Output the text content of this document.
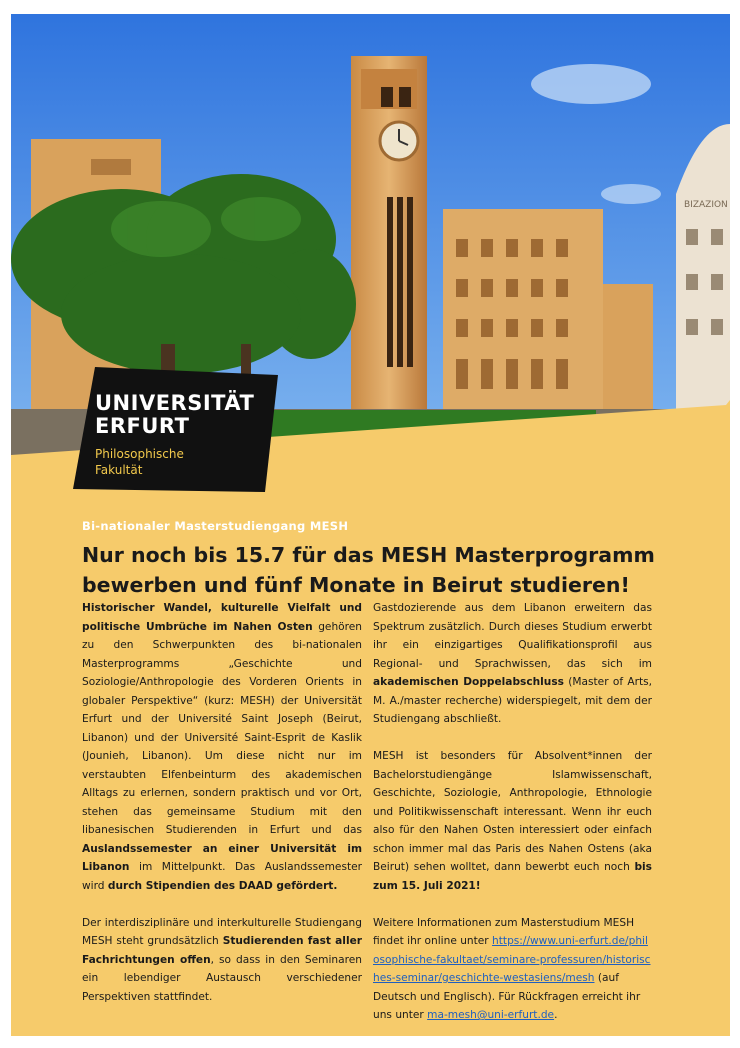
BIZAZION
UNIVERSITÄT
ERFURT
Philosophische
Fakultät
Bi-nationaler Masterstudiengang MESH
Nur noch bis 15.7 für das MESH Masterprogramm
bewerben und fünf Monate in Beirut studieren!

Historischer Wandel, kulturelle Vielfalt und politische Umbrüche im Nahen Osten gehören zu den Schwerpunkten des bi-nationalen Masterprogramms „Geschichte und Soziologie/Anthropologie des Vorderen Orients in globaler Perspektive“ (kurz: MESH) der Universität Erfurt und der Université Saint Joseph (Beirut, Libanon) und der Université Saint-Esprit de Kaslik (Jounieh, Libanon). Um diese nicht nur im verstaubten Elfenbeinturm des akademischen Alltags zu erlernen, sondern praktisch und vor Ort, stehen das gemeinsame Studium mit den libanesischen Studierenden in Erfurt und das Auslandssemester an einer Universität im Libanon im Mittelpunkt. Das Auslandssemester wird durch Stipendien des DAAD gefördert.

Der interdisziplinäre und interkulturelle Studiengang MESH steht grundsätzlich Studierenden fast aller Fachrichtungen offen, so dass in den Seminaren ein lebendiger Austausch verschiedener Perspektiven stattfindet.

Gastdozierende aus dem Libanon erweitern das Spektrum zusätzlich. Durch dieses Studium erwerbt ihr ein einzigartiges Qualifikationsprofil aus Regional- und Sprachwissen, das sich im akademischen Doppelabschluss (Master of Arts, M. A./master recherche) widerspiegelt, mit dem der Studiengang abschließt.

MESH ist besonders für Absolvent*innen der Bachelorstudiengänge Islamwissenschaft, Geschichte, Soziologie, Anthropologie, Ethnologie und Politikwissenschaft interessant. Wenn ihr euch also für den Nahen Osten interessiert oder einfach schon immer mal das Paris des Nahen Ostens (aka Beirut) sehen wolltet, dann bewerbt euch noch bis zum 15. Juli 2021!

Weitere Informationen zum Masterstudium MESH findet ihr online unter https://www.uni-erfurt.de/philosophische-fakultaet/seminare-professuren/historisches-seminar/geschichte-westasiens/mesh (auf Deutsch und Englisch). Für Rückfragen erreicht ihr uns unter ma-mesh@uni-erfurt.de.
